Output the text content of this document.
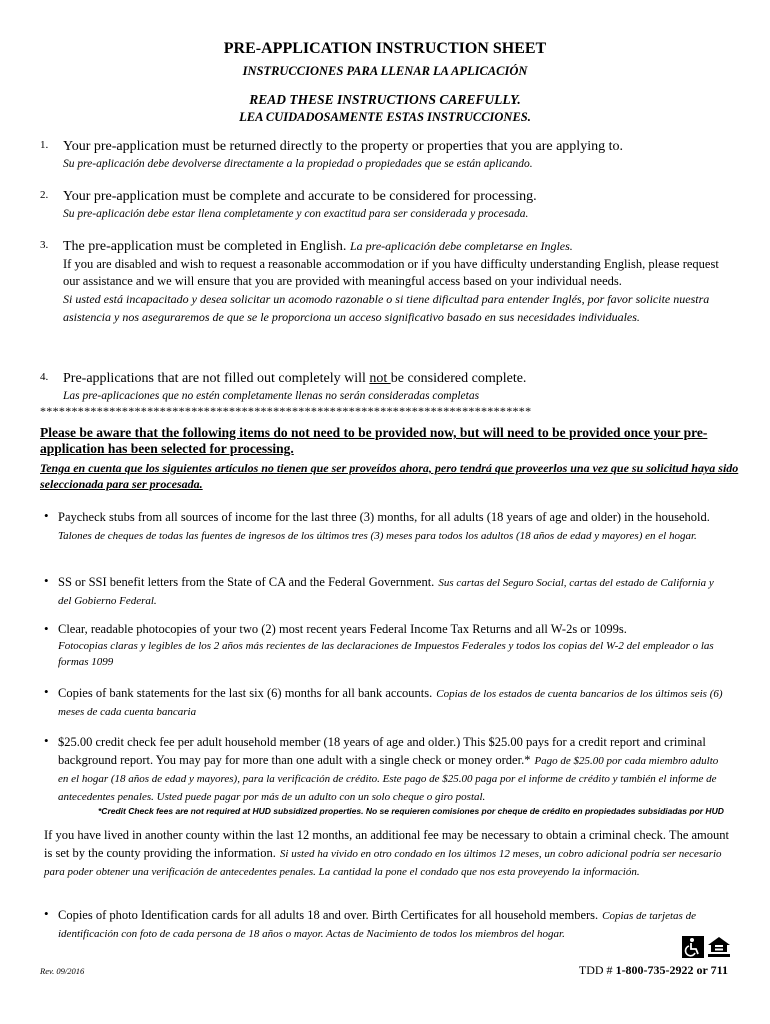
PRE-APPLICATION INSTRUCTION SHEET
INSTRUCCIONES PARA LLENAR LA APLICACIÓN
READ THESE INSTRUCTIONS CAREFULLY.
LEA CUIDADOSAMENTE ESTAS INSTRUCCIONES.
1. Your pre-application must be returned directly to the property or properties that you are applying to.
Su pre-aplicación debe devolverse directamente a la propiedad o propiedades que se están aplicando.
2. Your pre-application must be complete and accurate to be considered for processing.
Su pre-aplicación debe estar llena completamente y con exactitud para ser considerada y procesada.
3. The pre-application must be completed in English. La pre-aplicación debe completarse en Ingles.
If you are disabled and wish to request a reasonable accommodation or if you have difficulty understanding English, please request our assistance and we will ensure that you are provided with meaningful access based on your individual needs.
Si usted está incapacitado y desea solicitar un acomodo razonable o si tiene dificultad para entender Inglés, por favor solicite nuestra asistencia y nos aseguraremos de que se le proporciona un acceso significativo basado en sus necesidades individuales.
4. Pre-applications that are not filled out completely will not be considered complete.
Las pre-aplicaciones que no estén completamente llenas no serán consideradas completas
******************************************************************************
Please be aware that the following items do not need to be provided now, but will need to be provided once your pre-application has been selected for processing.
Tenga en cuenta que los siguientes artículos no tienen que ser proveídos ahora, pero tendrá que proveerlos una vez que su solicitud haya sido seleccionada para ser procesada.
• Paycheck stubs from all sources of income for the last three (3) months, for all adults (18 years of age and older) in the household. Talones de cheques de todas las fuentes de ingresos de los últimos tres (3) meses para todos los adultos (18 años de edad y mayores) en el hogar.
• SS or SSI benefit letters from the State of CA and the Federal Government. Sus cartas del Seguro Social, cartas del estado de California y del Gobierno Federal.
• Clear, readable photocopies of your two (2) most recent years Federal Income Tax Returns and all W-2s or 1099s.
Fotocopias claras y legibles de los 2 años más recientes de las declaraciones de Impuestos Federales y todos los copias del W-2 del empleador o las formas 1099
• Copies of bank statements for the last six (6) months for all bank accounts. Copias de los estados de cuenta bancarios de los últimos seis (6) meses de cada cuenta bancaria
• $25.00 credit check fee per adult household member (18 years of age and older.) This $25.00 pays for a credit report and criminal background report. You may pay for more than one adult with a single check or money order.* Pago de $25.00 por cada miembro adulto en el hogar (18 años de edad y mayores), para la verificación de crédito. Este pago de $25.00 paga por el informe de crédito y también el informe de antecedentes penales. Usted puede pagar por más de un adulto con un solo cheque o giro postal.
*Credit Check fees are not required at HUD subsidized properties. No se requieren comisiones por cheque de crédito en propiedades subsidiadas por HUD
If you have lived in another county within the last 12 months, an additional fee may be necessary to obtain a criminal check. The amount is set by the county providing the information. Si usted ha vivido en otro condado en los últimos 12 meses, un cobro adicional podría ser necesario para poder obtener una verificación de antecedentes penales. La cantidad la pone el condado que nos esta proveyendo la información.
• Copies of photo Identification cards for all adults 18 and over. Birth Certificates for all household members. Copias de tarjetas de identificación con foto de cada persona de 18 años o mayor. Actas de Nacimiento de todos los miembros del hogar.
Rev. 09/2016	TDD # 1-800-735-2922 or 711
